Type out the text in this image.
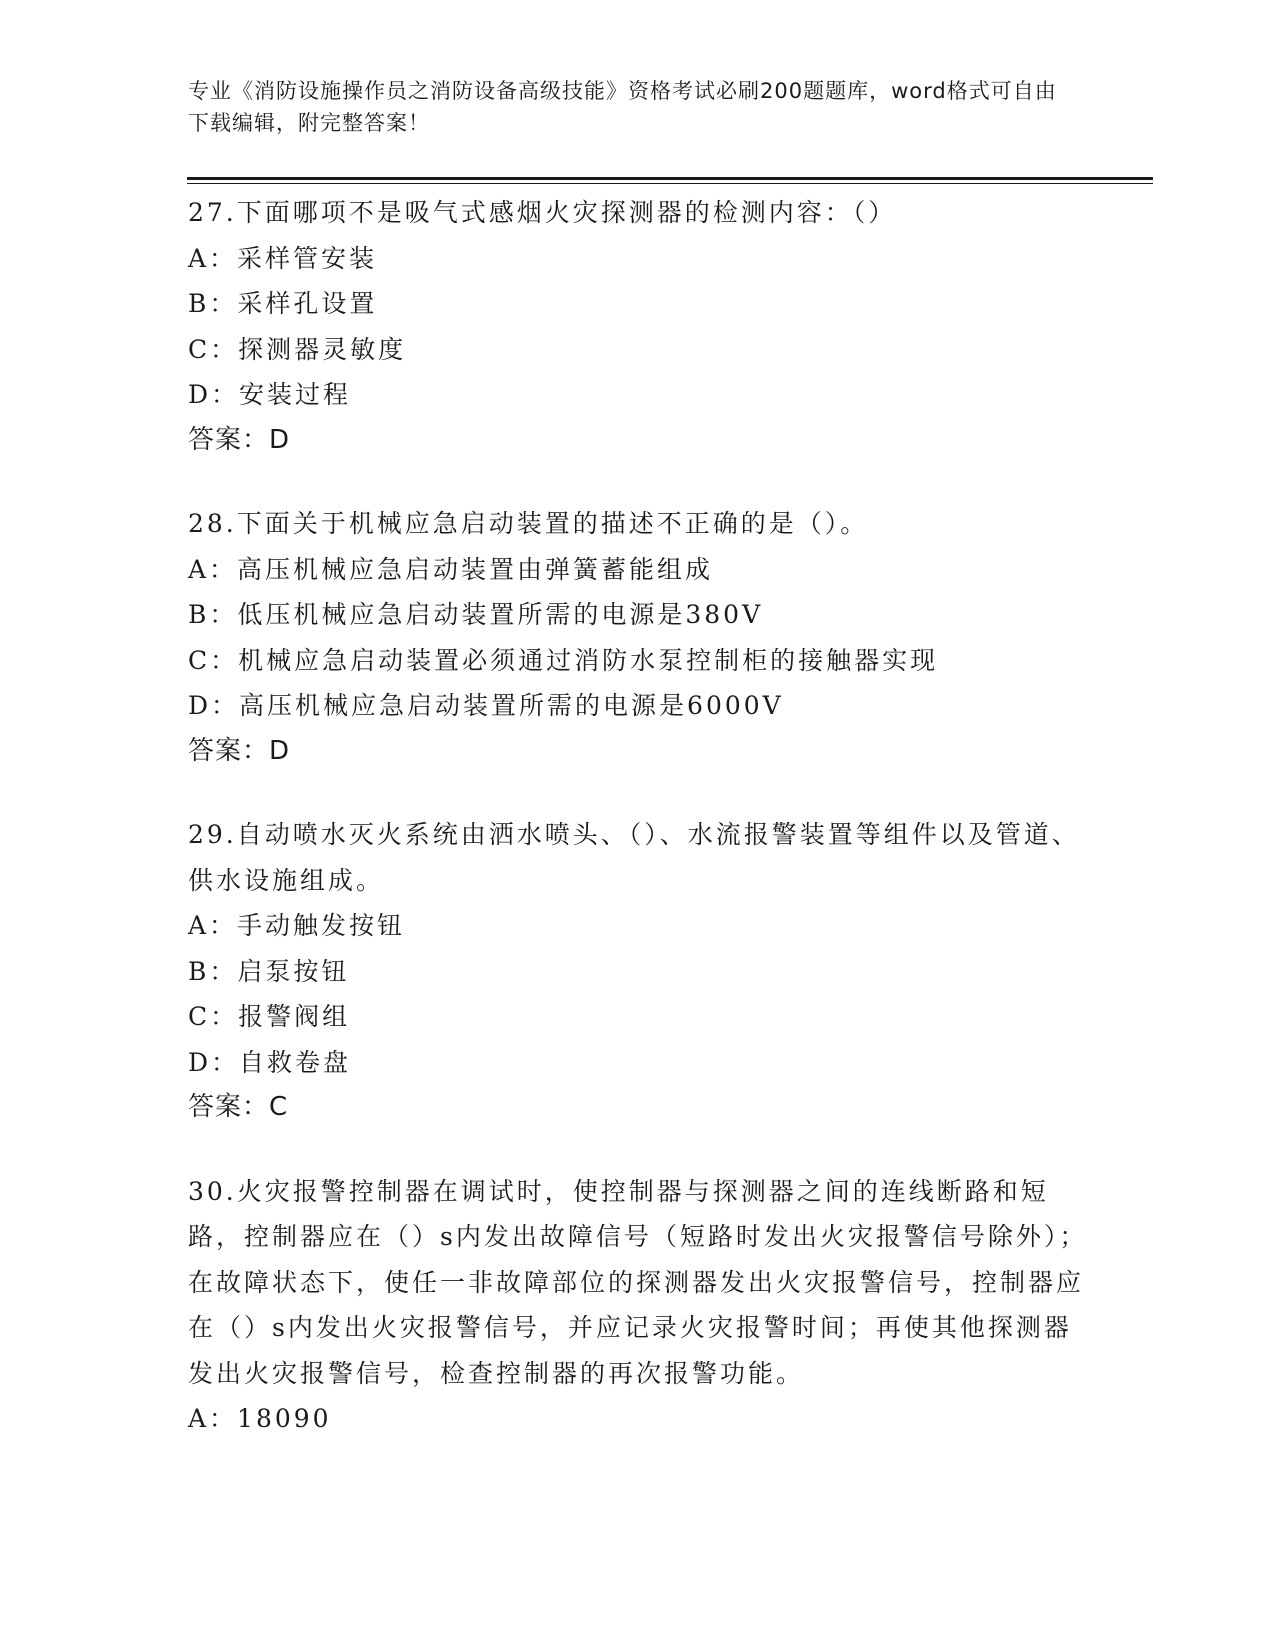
专业《消防设施操作员之消防设备高级技能》资格考试必刷200题题库，word格式可自由下载编辑，附完整答案！

27.下面哪项不是吸气式感烟火灾探测器的检测内容：（）

A：采样管安装

B：采样孔设置

C：探测器灵敏度

D：安装过程

答案：D

28.下面关于机械应急启动装置的描述不正确的是（）。

A：高压机械应急启动装置由弹簧蓄能组成

B：低压机械应急启动装置所需的电源是380V

C：机械应急启动装置必须通过消防水泵控制柜的接触器实现

D：高压机械应急启动装置所需的电源是6000V

答案：D

29.自动喷水灭火系统由洒水喷头、（）、水流报警装置等组件以及管道、供水设施组成。

A：手动触发按钮

B：启泵按钮

C：报警阀组

D：自救卷盘

答案：C

30.火灾报警控制器在调试时，使控制器与探测器之间的连线断路和短路，控制器应在（）s内发出故障信号（短路时发出火灾报警信号除外）；在故障状态下，使任一非故障部位的探测器发出火灾报警信号，控制器应在（）s内发出火灾报警信号，并应记录火灾报警时间；再使其他探测器发出火灾报警信号，检查控制器的再次报警功能。

A：18090
